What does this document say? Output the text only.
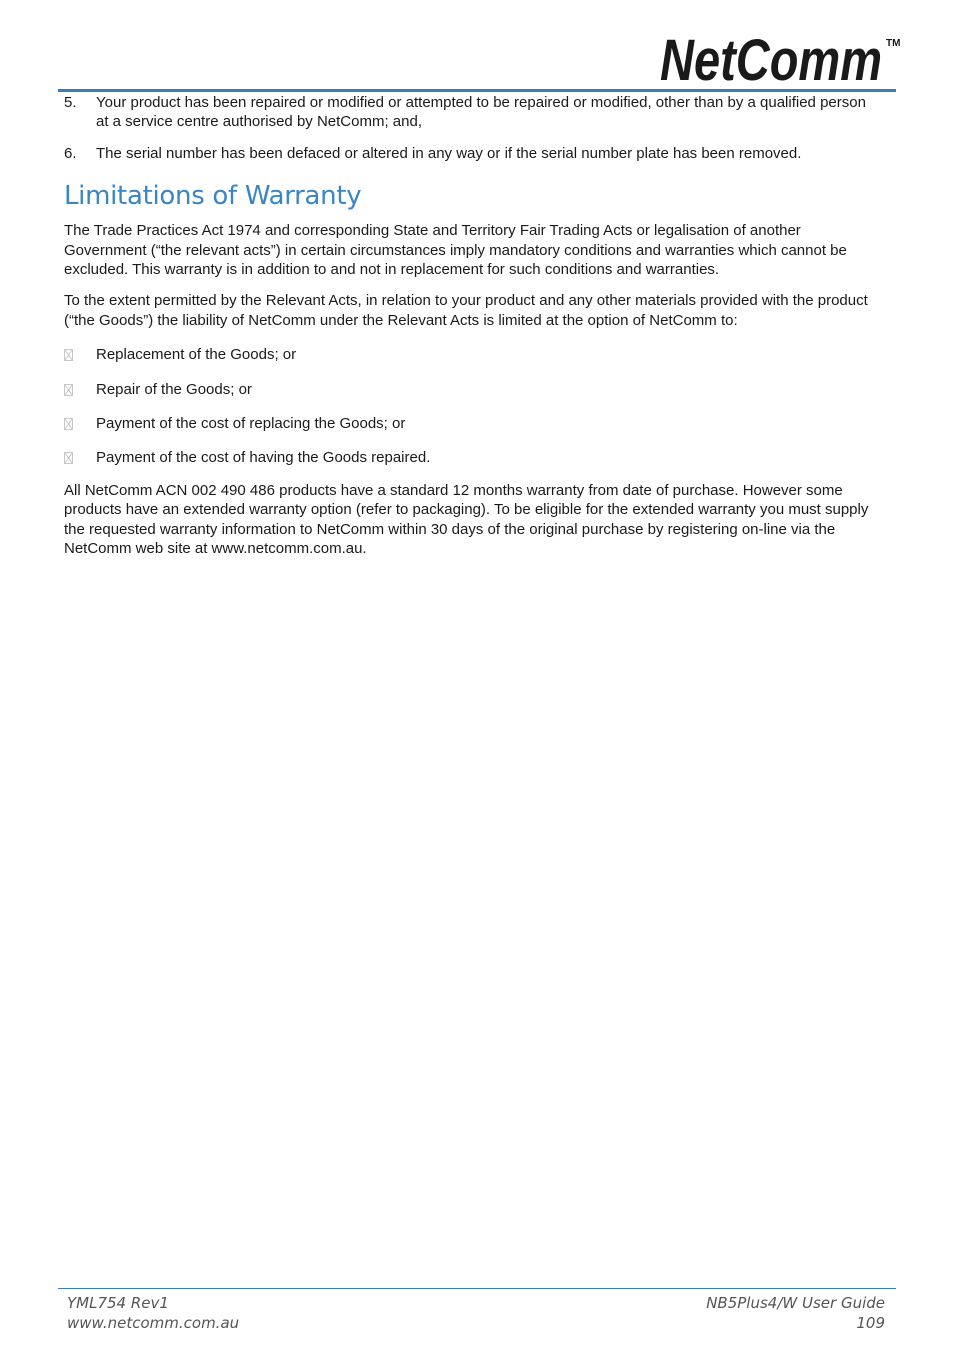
NetComm TM
5. Your product has been repaired or modified or attempted to be repaired or modified, other than by a qualified person at a service centre authorised by NetComm; and,
6. The serial number has been defaced or altered in any way or if the serial number plate has been removed.
Limitations of Warranty

The Trade Practices Act 1974 and corresponding State and Territory Fair Trading Acts or legalisation of another Government (“the relevant acts”) in certain circumstances imply mandatory conditions and warranties which cannot be excluded. This warranty is in addition to and not in replacement for such conditions and warranties.

To the extent permitted by the Relevant Acts, in relation to your product and any other materials provided with the product (“the Goods”) the liability of NetComm under the Relevant Acts is limited at the option of NetComm to:

Replacement of the Goods; or
Repair of the Goods; or
Payment of the cost of replacing the Goods; or
Payment of the cost of having the Goods repaired.

All NetComm ACN 002 490 486 products have a standard 12 months warranty from date of purchase. However some products have an extended warranty option (refer to packaging). To be eligible for the extended warranty you must supply the requested warranty information to NetComm within 30 days of the original purchase by registering on-line via the NetComm web site at www.netcomm.com.au.

YML754 Rev1
www.netcomm.com.au
NB5Plus4/W User Guide
109
